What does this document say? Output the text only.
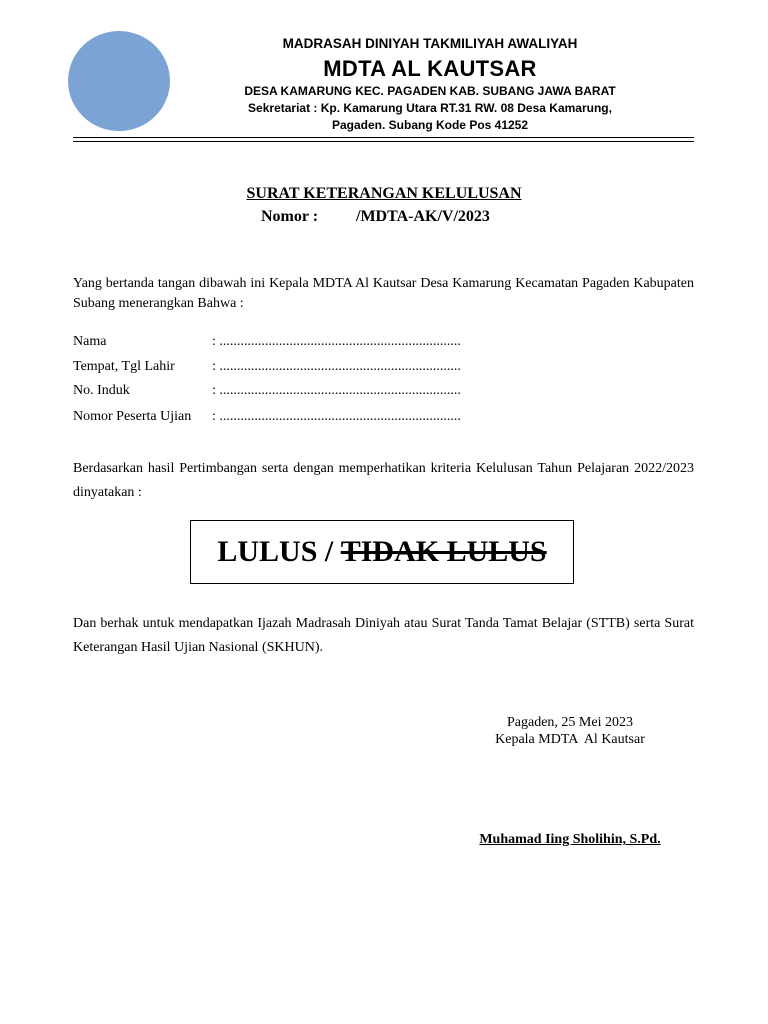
MADRASAH DINIYAH TAKMILIYAH AWALIYAH
MDTA AL KAUTSAR
DESA KAMARUNG KEC. PAGADEN KAB. SUBANG JAWA BARAT
Sekretariat : Kp. Kamarung Utara RT.31 RW. 08 Desa Kamarung,
Pagaden. Subang Kode Pos 41252
SURAT KETERANGAN KELULUSAN
Nomor : /MDTA-AK/V/2023
Yang bertanda tangan dibawah ini Kepala MDTA Al Kautsar Desa Kamarung Kecamatan Pagaden Kabupaten Subang menerangkan Bahwa :
Nama	: .....................................................................
Tempat, Tgl Lahir	: .....................................................................
No. Induk	: .....................................................................
Nomor Peserta Ujian : .....................................................................
Berdasarkan hasil Pertimbangan serta dengan memperhatikan kriteria Kelulusan Tahun Pelajaran 2022/2023 dinyatakan :
LULUS /
TIDAK LULUS
Dan berhak untuk mendapatkan Ijazah Madrasah Diniyah atau Surat Tanda Tamat Belajar (STTB) serta Surat Keterangan Hasil Ujian Nasional (SKHUN).
Pagaden, 25 Mei 2023
Kepala MDTA  Al Kautsar
Muhamad Iing Sholihin, S.Pd.
